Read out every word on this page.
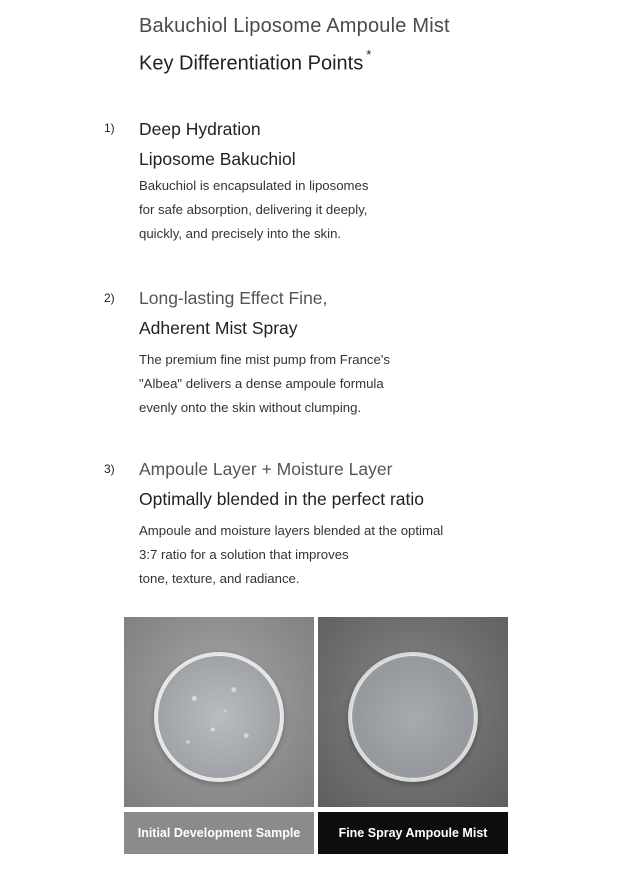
Bakuchiol Liposome Ampoule Mist
Key Differentiation Points *
1) Deep Hydration
Liposome Bakuchiol
Bakuchiol is encapsulated in liposomes
for safe absorption, delivering it deeply,
quickly, and precisely into the skin.
2) Long-lasting Effect Fine,
Adherent Mist Spray
The premium fine mist pump from France's
"Albea" delivers a dense ampoule formula
evenly onto the skin without clumping.
3) Ampoule Layer + Moisture Layer
Optimally blended in the perfect ratio
Ampoule and moisture layers blended at the optimal
3:7 ratio for a solution that improves
tone, texture, and radiance.
Initial Development Sample	Fine Spray Ampoule Mist
